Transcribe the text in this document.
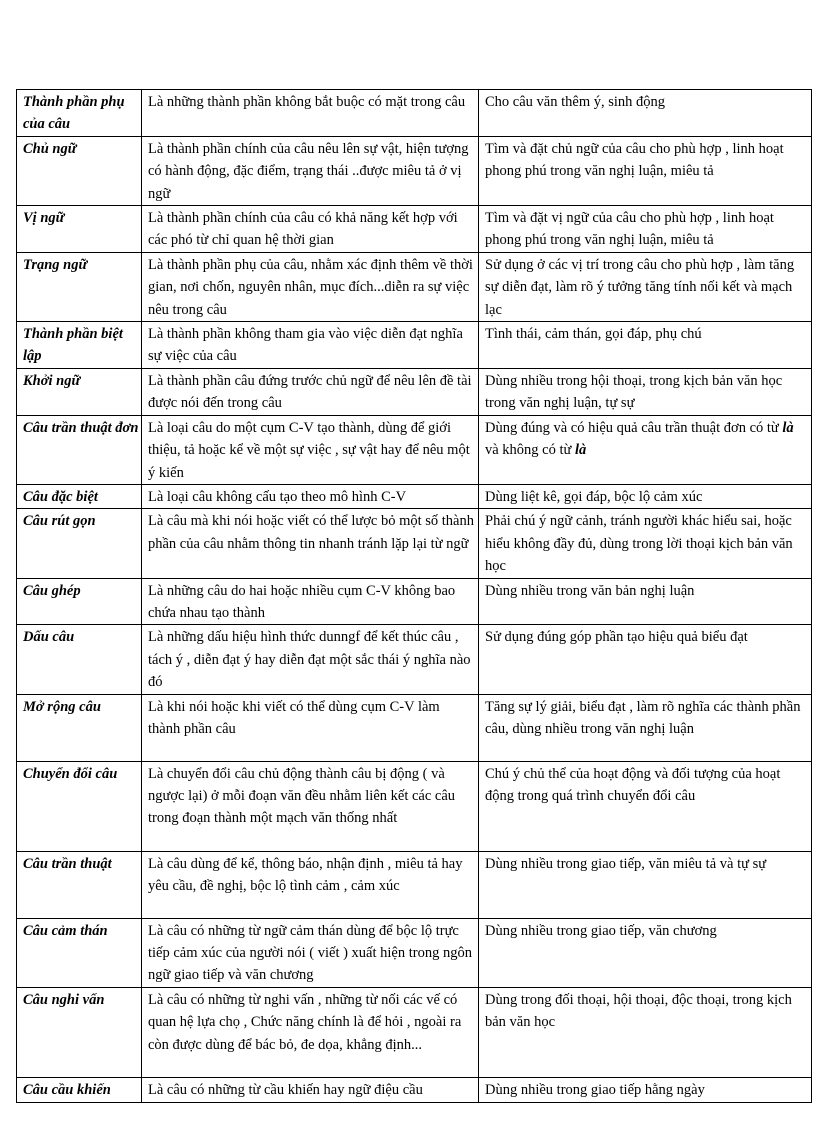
Thành phần phụ của câu	Là những thành phần không bắt buộc có mặt trong câu	Cho câu văn thêm ý, sinh động
Chủ ngữ	Là thành phần chính của câu nêu lên sự vật, hiện tượng có hành động, đặc điểm, trạng thái ..được miêu tả ở vị ngữ	Tìm và đặt chủ ngữ của câu cho phù hợp , linh hoạt phong phú trong văn nghị luận, miêu tả
Vị ngữ	Là thành phần chính của câu có khả năng kết hợp với các phó từ chỉ quan hệ thời gian	Tìm và đặt vị ngữ của câu cho phù hợp , linh hoạt phong phú trong văn nghị luận, miêu tả
Trạng ngữ	Là thành phần phụ của câu, nhằm xác định thêm về thời gian, nơi chốn, nguyên nhân, mục đích...diễn ra sự việc nêu trong câu	Sử dụng ở các vị trí trong câu cho phù hợp , làm tăng sự diễn đạt, làm rõ ý tưởng tăng tính nối kết và mạch lạc
Thành phần biệt lập	Là thành phần không tham gia vào việc diễn đạt nghĩa sự việc của câu	Tình thái, cảm thán, gọi đáp, phụ chú
Khởi ngữ	Là thành phần câu đứng trước chủ ngữ để nêu lên đề tài được nói đến trong câu	Dùng nhiều trong hội thoại, trong kịch bản văn học trong văn nghị luận, tự sự
Câu trần thuật đơn	Là loại câu do một cụm C-V tạo thành, dùng để giới thiệu, tả hoặc kể về một sự việc , sự vật hay để nêu một ý kiến	Dùng đúng và có hiệu quả câu trần thuật đơn có từ là và không có từ là
Câu đặc biệt	Là loại câu không cấu tạo theo mô hình C-V	Dùng liệt kê, gọi đáp, bộc lộ cảm xúc
Câu rút gọn	Là câu mà khi nói hoặc viết có thể lược bỏ một số thành phần của câu nhằm thông tin nhanh tránh lặp lại từ ngữ	Phải chú ý ngữ cảnh, tránh người khác hiểu sai, hoặc hiểu không đầy đủ, dùng trong lời thoại kịch bản văn học
Câu ghép	Là những câu do hai hoặc nhiều cụm C-V không bao chứa nhau tạo thành	Dùng nhiều trong văn bản nghị luận
Dấu câu	Là những dấu hiệu hình thức dunngf để kết thúc câu , tách ý , diễn đạt ý hay diễn đạt một sắc thái ý nghĩa nào đó	Sử dụng đúng góp phần tạo hiệu quả biểu đạt
Mở rộng câu	Là khi nói hoặc khi viết có thể dùng cụm C-V làm thành phần câu	Tăng sự lý giải, biểu đạt , làm rõ nghĩa các thành phần câu, dùng nhiều trong văn nghị luận
Chuyển đổi câu	Là chuyển đổi câu chủ động thành câu bị động ( và ngược lại) ở mỗi đoạn văn đều nhằm liên kết các câu trong đoạn thành một mạch văn thống nhất	Chú ý chủ thể của hoạt động và đối tượng của hoạt động trong quá trình chuyển đổi câu
Câu trần thuật	Là câu dùng để kể, thông báo, nhận định , miêu tả hay yêu cầu, đề nghị, bộc lộ tình cảm , cảm xúc	Dùng nhiều trong giao tiếp, văn miêu tả và tự sự
Câu cảm thán	Là câu có những từ ngữ cảm thán dùng để bộc lộ trực tiếp cảm xúc của người nói ( viết ) xuất hiện trong ngôn ngữ giao tiếp và văn chương	Dùng nhiều trong giao tiếp, văn chương
Câu nghi vấn	Là câu có những từ nghi vấn , những từ nối các vế có quan hệ lựa chọ , Chức năng chính là để hỏi , ngoài ra còn được dùng để bác bỏ, đe dọa, khẳng định...	Dùng trong đối thoại, hội thoại, độc thoại, trong kịch bản văn học
Câu cầu khiến	Là câu có những từ cầu khiến hay ngữ điệu cầu	Dùng nhiều trong giao tiếp hằng ngày
